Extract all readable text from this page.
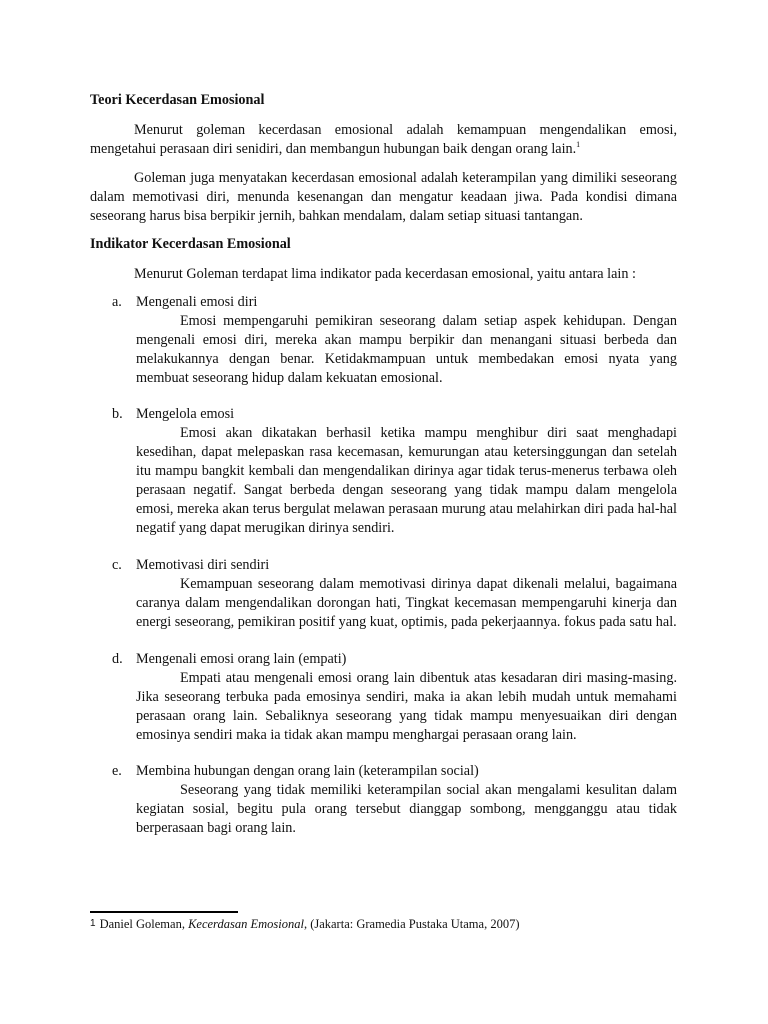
Teori Kecerdasan Emosional

Menurut goleman kecerdasan emosional adalah kemampuan mengendalikan emosi, mengetahui perasaan diri senidiri, dan membangun hubungan baik dengan orang lain.$^1$

Goleman juga menyatakan kecerdasan emosional adalah keterampilan yang dimiliki seseorang dalam memotivasi diri, menunda kesenangan dan mengatur keadaan jiwa. Pada kondisi dimana seseorang harus bisa berpikir jernih, bahkan mendalam, dalam setiap situasi tantangan.

Indikator Kecerdasan Emosional

Menurut Goleman terdapat lima indikator pada kecerdasan emosional, yaitu antara lain :

a. Mengenali emosi diri

Emosi mempengaruhi pemikiran seseorang dalam setiap aspek kehidupan. Dengan mengenali emosi diri, mereka akan mampu berpikir dan menangani situasi berbeda dan melakukannya dengan benar. Ketidakmampuan untuk membedakan emosi nyata yang membuat seseorang hidup dalam kekuatan emosional.

b. Mengelola emosi

Emosi akan dikatakan berhasil ketika mampu menghibur diri saat menghadapi kesedihan, dapat melepaskan rasa kecemasan, kemurungan atau ketersinggungan dan setelah itu mampu bangkit kembali dan mengendalikan dirinya agar tidak terus-menerus terbawa oleh perasaan negatif. Sangat berbeda dengan seseorang yang tidak mampu dalam mengelola emosi, mereka akan terus bergulat melawan perasaan murung atau melahirkan diri pada hal-hal negatif yang dapat merugikan dirinya sendiri.

c. Memotivasi diri sendiri

Kemampuan seseorang dalam memotivasi dirinya dapat dikenali melalui, bagaimana caranya dalam mengendalikan dorongan hati, Tingkat kecemasan mempengaruhi kinerja dan energi seseorang, pemikiran positif yang kuat, optimis, pada pekerjaannya. fokus pada satu hal.

d. Mengenali emosi orang lain (empati)

Empati atau mengenali emosi orang lain dibentuk atas kesadaran diri masing-masing. Jika seseorang terbuka pada emosinya sendiri, maka ia akan lebih mudah untuk memahami perasaan orang lain. Sebaliknya seseorang yang tidak mampu menyesuaikan diri dengan emosinya sendiri maka ia tidak akan mampu menghargai perasaan orang lain.

e. Membina hubungan dengan orang lain (keterampilan social)

Seseorang yang tidak memiliki keterampilan social akan mengalami kesulitan dalam kegiatan sosial, begitu pula orang tersebut dianggap sombong, mengganggu atau tidak berperasaan bagi orang lain.

$^1$ Daniel Goleman, Kecerdasan Emosional, (Jakarta: Gramedia Pustaka Utama, 2007)
